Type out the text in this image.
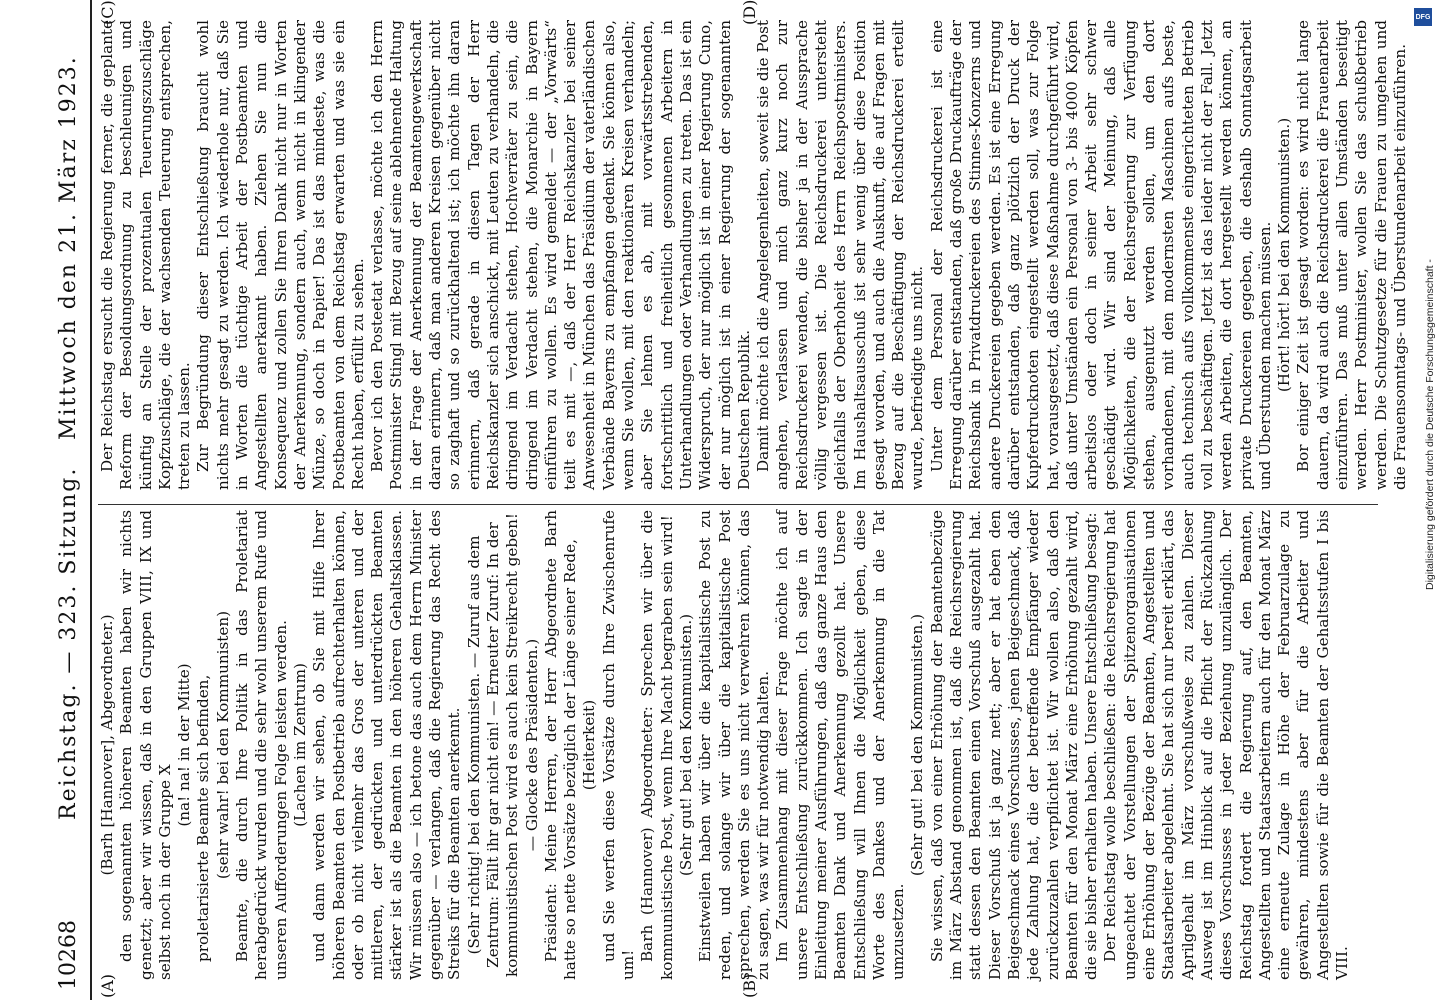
10268
Reichstag. — 323. Sitzung.
Mittwoch den 21. März 1923.
(A)	(B)
(C)	(D)

(Barh [Hannover], Abgeordneter.) den sogenannten höheren Beamten haben wir nichts genetzt; aber wir wissen, daß in den Gruppen VIII, IX und selbst noch in der Gruppe X

(na! na! in der Mitte) proletarisierte Beamte sich befinden, (sehr wahr! bei den Kommunisten) Beamte, die durch Ihre Politik in das Proletariat herabgedrückt wurden und die sehr wohl unserem Rufe und unseren Aufforderungen Folge leisten werden. (Lachen im Zentrum) und dann werden wir sehen, ob Sie mit Hilfe Ihrer höheren Beamten den Postbetrieb aufrechterhalten können, oder ob nicht vielmehr das Gros der unteren und der mittleren, der gedrückten und unterdrückten Beamten stärker ist als die Beamten in den höheren Gehaltsklassen. Wir müssen also — ich betone das auch dem Herrn Minister gegenüber — verlangen, daß die Regierung das Recht des Streiks für die Beamten anerkennt. (Sehr richtig! bei den Kommunisten. — Zuruf aus dem Zentrum: Fällt ihr gar nicht ein! — Erneuter Zuruf: In der kommunistischen Post wird es auch kein Streikrecht geben! — Glocke des Präsidenten.) Präsident: Meine Herren, der Herr Abgeordnete Barh hatte so nette Vorsätze bezüglich der Länge seiner Rede, (Heiterkeit) und Sie werfen diese Vorsätze durch Ihre Zwischenrufe um!

Barh (Hannover) Abgeordneter: Sprechen wir über die kommunistische Post, wenn Ihre Macht begraben sein wird! (Sehr gut! bei den Kommunisten.) Einstweilen haben wir über die kapitalistische Post zu reden, und solange wir über die kapitalistische Post sprechen, werden Sie es uns nicht verwehren können, das zu sagen, was wir für notwendig halten. Im Zusammenhang mit dieser Frage möchte ich auf unsere Entschließung zurückkommen. Ich sagte in der Einleitung meiner Ausführungen, daß das ganze Haus den Beamten Dank und Anerkennung gezollt hat. Unsere Entschließung will Ihnen die Möglichkeit geben, diese Worte des Dankes und der Anerkennung in die Tat umzusetzen.

(Sehr gut! bei den Kommunisten.) Sie wissen, daß von einer Erhöhung der Beamtenbezüge im März Abstand genommen ist, daß die Reichsregierung statt dessen den Beamten einen Vorschuß ausgezahlt hat. Dieser Vorschuß ist ja ganz nett; aber er hat eben den Beigeschmack eines Vorschusses, jenen Beigeschmack, daß jede Zahlung hat, die der betreffende Empfänger wieder zurückzuzahlen verpflichtet ist. Wir wollen also, daß den Beamten für den Monat März eine Erhöhung gezahlt wird, die sie bisher erhalten haben. Unsere Entschließung besagt: Der Reichstag wolle beschließen: die Reichsregierung hat ungeachtet der Vorstellungen der Spitzenorganisationen eine Erhöhung der Bezüge der Beamten, Angestellten und Staatsarbeiter abgelehnt. Sie hat sich nur bereit erklärt, das Aprilgehalt im März vorschußweise zu zahlen. Dieser Ausweg ist im Hinblick auf die Pflicht der Rückzahlung dieses Vorschusses in jeder Beziehung unzulänglich. Der Reichstag fordert die Regierung auf, den Beamten, Angestellten und Staatsarbeitern auch für den Monat März eine erneute Zulage in Höhe der Februarzulage zu gewähren, mindestens aber für die Arbeiter und Angestellten sowie für die Beamten der Gehaltsstufen I bis VIII.

Der Reichstag ersucht die Regierung ferner, die geplante Reform der Besoldungsordnung zu beschleunigen und künftig an Stelle der prozentualen Teuerungszuschläge Kopfzuschläge, die der wachsenden Teuerung entsprechen, treten zu lassen. Zur Begründung dieser Entschließung braucht wohl nichts mehr gesagt zu werden. Ich wiederhole nur, daß Sie in Worten die tüchtige Arbeit der Postbeamten und Angestellten anerkannt haben. Ziehen Sie nun die Konsequenz und zollen Sie Ihren Dank nicht nur in Worten der Anerkennung, sondern auch, wenn nicht in klingender Münze, so doch in Papier! Das ist das mindeste, was die Postbeamten von dem Reichstag erwarten und was sie ein Recht haben, erfüllt zu sehen. Bevor ich den Posteetat verlasse, möchte ich den Herrn Postminister Stingl mit Bezug auf seine ablehnende Haltung in der Frage der Anerkennung der Beamtengewerkschaft daran erinnern, daß man anderen Kreisen gegenüber nicht so zaghaft und so zurückhaltend ist; ich möchte ihn daran erinnern, daß gerade in diesen Tagen der Herr Reichskanzler sich anschickt, mit Leuten zu verhandeln, die dringend im Verdacht stehen, Hochverräter zu sein, die dringend im Verdacht stehen, die Monarchie in Bayern einführen zu wollen. Es wird gemeldet — der „Vorwärts“ teilt es mit —, daß der Herr Reichskanzler bei seiner Anwesenheit in München das Präsidium der vaterländischen Verbände Bayerns zu empfangen gedenkt. Sie können also, wenn Sie wollen, mit den reaktionären Kreisen verhandeln; aber Sie lehnen es ab, mit vorwärtsstrebenden, fortschrittlich und freiheitlich gesonnenen Arbeitern in Unterhandlungen oder Verhandlungen zu treten. Das ist ein Widerspruch, der nur möglich ist in einer Regierung Cuno, der nur möglich ist in einer Regierung der sogenannten Deutschen Republik. Damit möchte ich die Angelegenheiten, soweit sie die Post angehen, verlassen und mich ganz kurz noch zur Reichsdruckerei wenden, die bisher ja in der Aussprache völlig vergessen ist. Die Reichsdruckerei untersteht gleichfalls der Oberhoheit des Herrn Reichspostministers. Im Haushaltsausschuß ist sehr wenig über diese Position gesagt worden, und auch die Auskunft, die auf Fragen mit Bezug auf die Beschäftigung der Reichsdruckerei erteilt wurde, befriedigte uns nicht. Unter dem Personal der Reichsdruckerei ist eine Erregung darüber entstanden, daß große Druckaufträge der Reichsbank in Privatdruckereien des Stinnes-Konzerns und andere Druckereien gegeben werden. Es ist eine Erregung darüber entstanden, daß ganz plötzlich der Druck der Kupferdrucknoten eingestellt werden soll, was zur Folge hat, vorausgesetzt, daß diese Maßnahme durchgeführt wird, daß unter Umständen ein Personal von 3- bis 4000 Köpfen arbeitslos oder doch in seiner Arbeit sehr schwer geschädigt wird. Wir sind der Meinung, daß alle Möglichkeiten, die der Reichsregierung zur Verfügung stehen, ausgenutzt werden sollen, um den dort vorhandenen, mit den modernsten Maschinen aufs beste, auch technisch aufs vollkommenste eingerichteten Betrieb voll zu beschäftigen. Jetzt ist das leider nicht der Fall. Jetzt werden Arbeiten, die dort hergestellt werden können, an private Druckereien gegeben, die deshalb Sonntagsarbeit und Überstunden machen müssen. (Hört! hört! bei den Kommunisten.) Bor einiger Zeit ist gesagt worden: es wird nicht lange dauern, da wird auch die Reichsdruckerei die Frauenarbeit einzuführen. Das muß unter allen Umständen beseitigt werden. Herr Postminister, wollen Sie das schußbetrieb werden. Die Schutzgesetze für die Frauen zu umgehen und die Frauensonntags- und Überstundenarbeit einzuführen. Digitalisierung gefördert durch die Deutsche Forschungsgemeinschaft -
DFG
